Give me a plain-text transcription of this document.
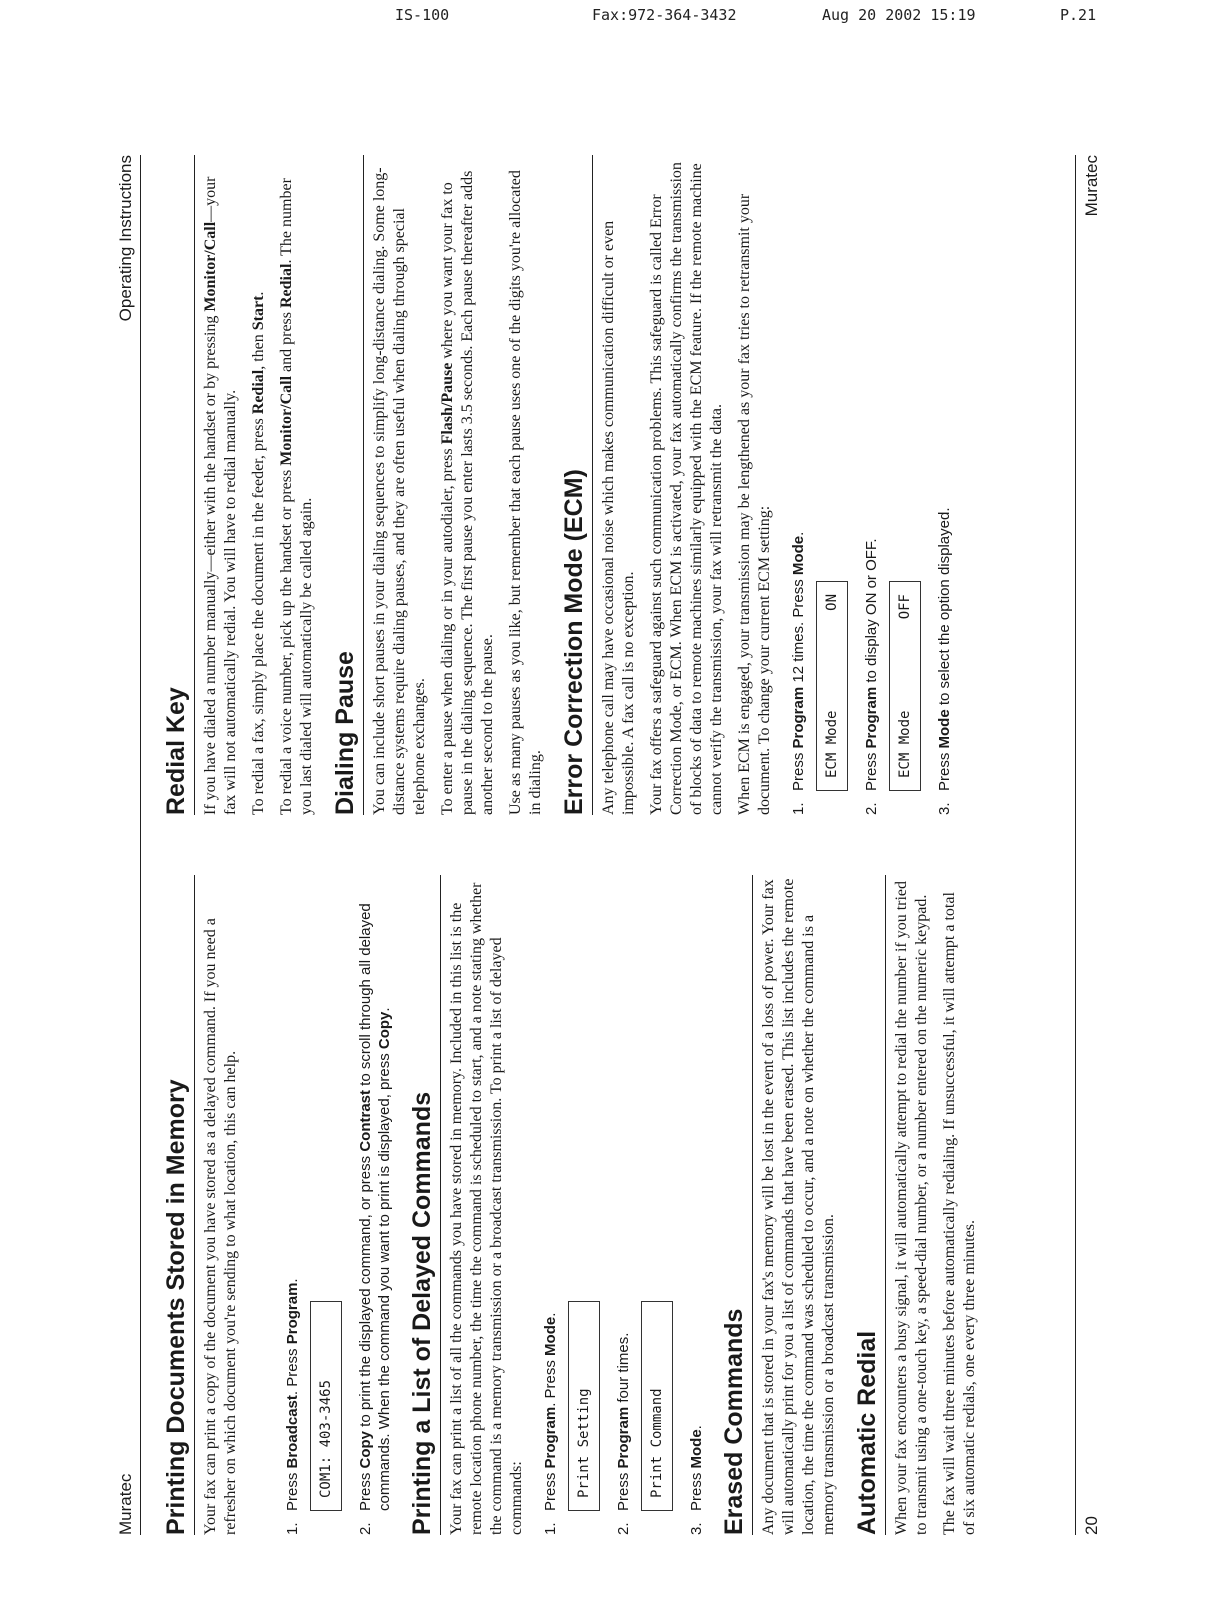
IS-100	Fax:972-364-3432	Aug 20 2002 15:19	P.21
Muratec
Operating Instructions
Printing Documents Stored in Memory Your fax can print a copy of the document you have stored as a delayed command. If you need a refresher on which document you're sending to what location, this can help.	1.
Press Broadcast. Press Program.
COM1: 403-3465
2.
Press Copy to print the displayed command, or press Contrast to scroll through all delayed commands. When the command you want to print is displayed, press Copy.
Printing a List of Delayed Commands Your fax can print a list of all the commands you have stored in memory. Included in this list is the remote location phone number, the time the command is scheduled to start, and a note stating whether the command is a memory transmission or a broadcast transmission. To print a list of delayed commands: 1.
Press Program. Press Mode.
Print Setting
2.
Press Program four times.
Print Command
3.
Press Mode. Erased Commands Any document that is stored in your fax's memory will be lost in the event of a loss of power. Your fax will automatically print for you a list of commands that have been erased. This list includes the remote location, the time the command was scheduled to occur, and a note on whether the command is a memory transmission or a broadcast transmission. Automatic Redial When your fax encounters a busy signal, it will automatically attempt to redial the number if you tried to transmit using a one-touch key, a speed-dial number, or a number entered on the numeric keypad. The fax will wait three minutes before automatically redialing. If unsuccessful, it will attempt a total of six automatic redials, one every three minutes.

Redial Key If you have dialed a number manually—either with the handset or by pressing Monitor/Call—your fax will not automatically redial. You will have to redial manually. To redial a fax, simply place the document in the feeder, press Redial, then Start.

To redial a voice number, pick up the handset or press Monitor/Call and press Redial. The number you last dialed will automatically be called again. Dialing Pause You can include short pauses in your dialing sequences to simplify long-distance dialing. Some long-distance systems require dialing pauses, and they are often useful when dialing through special telephone exchanges. To enter a pause when dialing or in your autodialer, press Flash/Pause where you want your fax to pause in the dialing sequence. The first pause you enter lasts 3.5 seconds. Each pause thereafter adds another second to the pause. Use as many pauses as you like, but remember that each pause uses one of the digits you're allocated in dialing. Error Correction Mode (ECM) Any telephone call may have occasional noise which makes communication difficult or even impossible. A fax call is no exception. Your fax offers a safeguard against such communication problems. This safeguard is called Error Correction Mode, or ECM. When ECM is activated, your fax automatically confirms the transmission of blocks of data to remote machines similarly equipped with the ECM feature. If the remote machine cannot verify the transmission, your fax will retransmit the data. When ECM is engaged, your transmission may be lengthened as your fax tries to retransmit your document. To change your current ECM setting: 1.
Press Program 12 times. Press Mode.
ECM Mode
ON
2.
Press Program to display ON or OFF.
ECM Mode
OFF
3.
Press Mode to select the option displayed.
20
Muratec
